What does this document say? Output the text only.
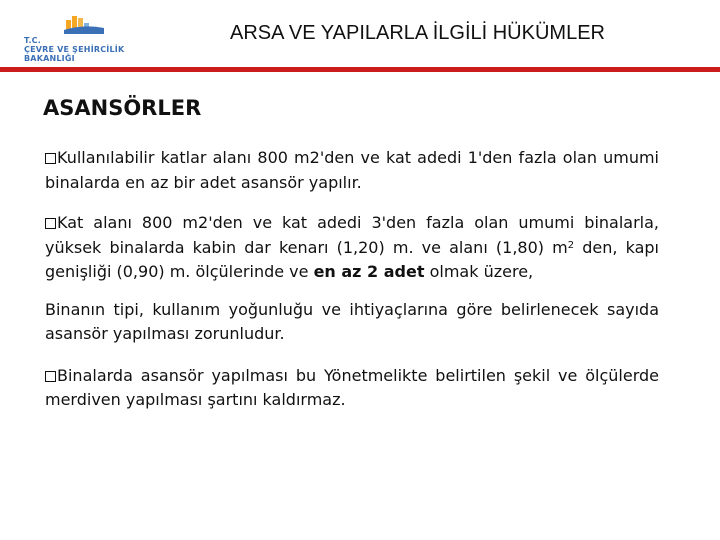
T.C.
ÇEVRE VE ŞEHİRCİLİK
BAKANLIĞI
ARSA VE YAPILARLA İLGİLİ HÜKÜMLER
ASANSÖRLER

Kullanılabilir katlar alanı 800 m2'den ve kat adedi 1'den fazla olan umumi binalarda en az bir adet asansör yapılır.

Kat alanı 800 m2'den ve kat adedi 3'den fazla olan umumi binalarla, yüksek binalarda kabin dar kenarı (1,20) m. ve alanı (1,80) $m^2$ den, kapı genişliği (0,90) m. ölçülerinde ve en az 2 adet olmak üzere,

Binanın tipi, kullanım yoğunluğu ve ihtiyaçlarına göre belirlenecek sayıda asansör yapılması zorunludur.

Binalarda asansör yapılması bu Yönetmelikte belirtilen şekil ve ölçülerde merdiven yapılması şartını kaldırmaz.
